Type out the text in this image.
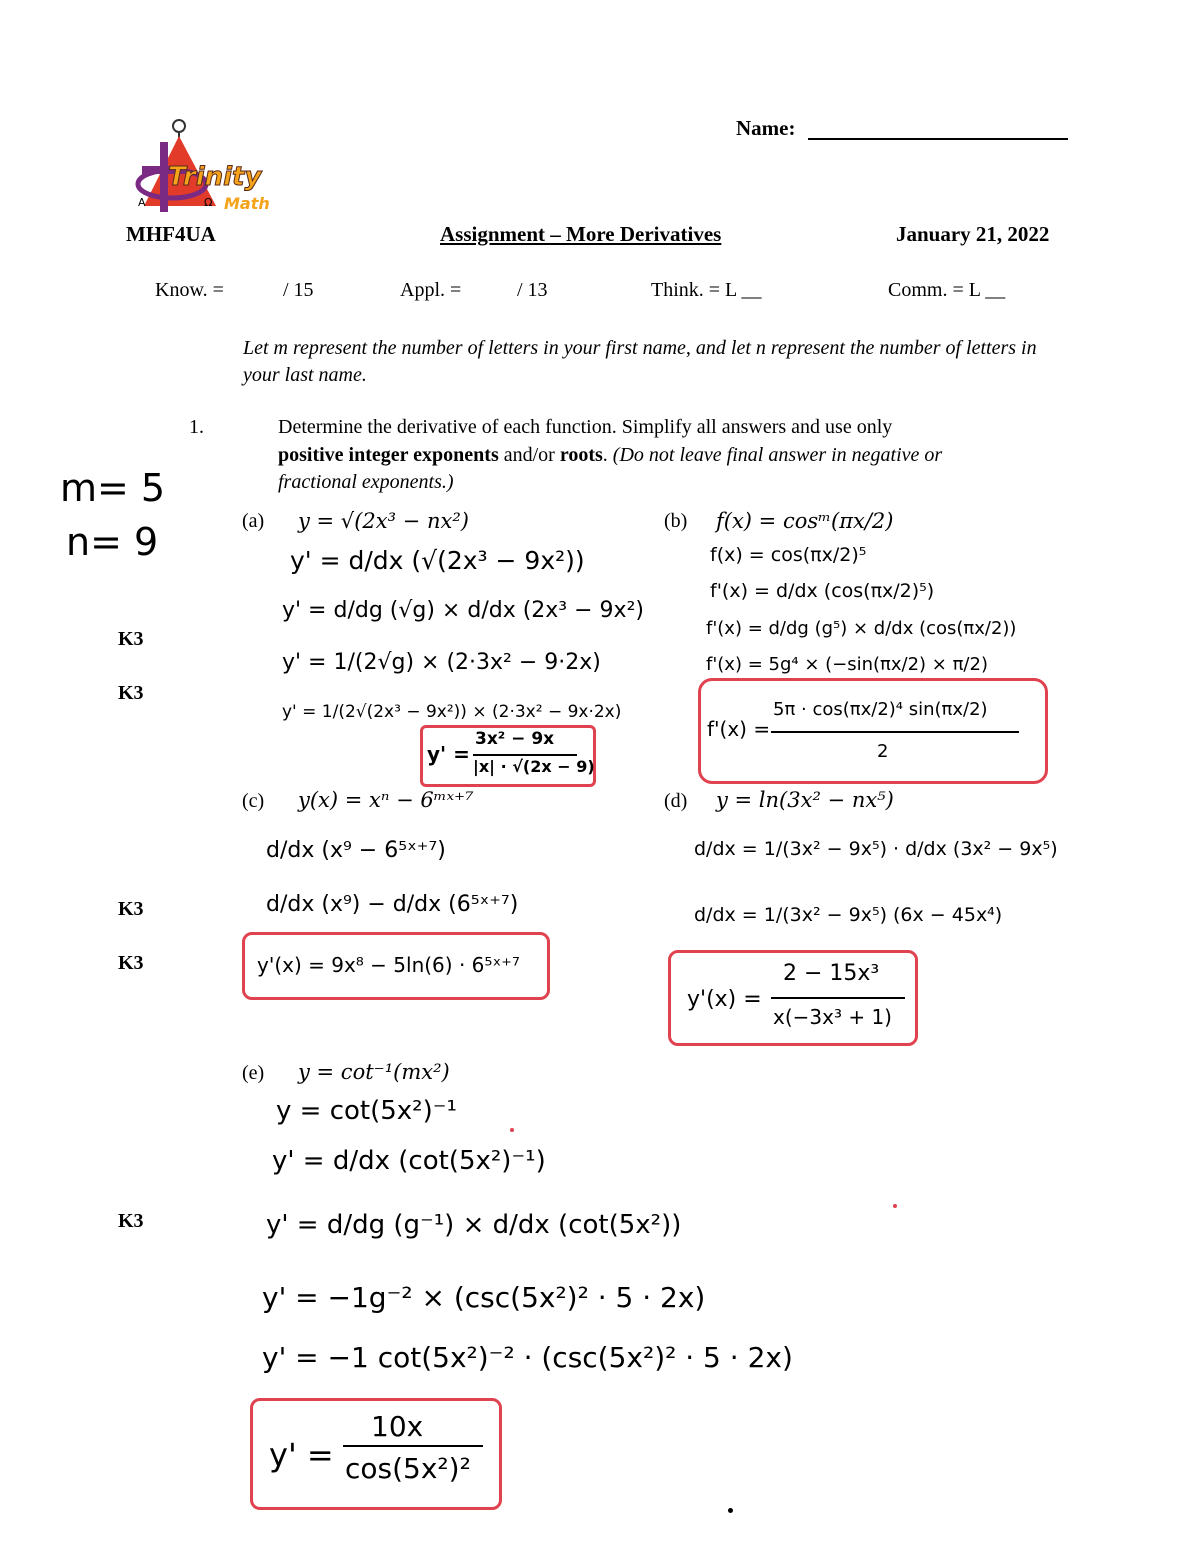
A	Ω
Trinity
Math
Name:
MHF4UA	Assignment – More Derivatives	January 21, 2022
Know. =	/ 15	Appl. =	/ 13	Think. = L __	Comm. = L __
Let m represent the number of letters in your first name, and let n represent the number of letters in your last name.
m= 5
n= 9
1.	Determine the derivative of each function. Simplify all answers and use only
positive integer exponents and/or roots. (Do not leave final answer in negative or
fractional exponents.)
K3
K3
K3
K3
K3
(a) y = √(2x³ − nx²)
y' = d/dx (√(2x³ − 9x²))
y' = d/dg (√g) × d/dx (2x³ − 9x²)
y' = 1/(2√g) × (2·3x² − 9·2x)
y' = 1/(2√(2x³ − 9x²)) × (2·3x² − 9x·2x)
y' =
3x² − 9x
|x| · √(2x − 9)
(b) f(x) = cosᵐ(πx/2)
f(x) = cos(πx/2)⁵
f'(x) = d/dx (cos(πx/2)⁵)
f'(x) = d/dg (g⁵) × d/dx (cos(πx/2))
f'(x) = 5g⁴ × (−sin(πx/2) × π/2)
f'(x) =
5π · cos(πx/2)⁴ sin(πx/2)
2
(c) y(x) = xⁿ − 6ᵐˣ⁺⁷
d/dx (x⁹ − 6⁵ˣ⁺⁷)
d/dx (x⁹) − d/dx (6⁵ˣ⁺⁷)
y'(x) = 9x⁸ − 5ln(6) · 6⁵ˣ⁺⁷
(d) y = ln(3x² − nx⁵)
d/dx = 1/(3x² − 9x⁵) · d/dx (3x² − 9x⁵)
d/dx = 1/(3x² − 9x⁵) (6x − 45x⁴)
y'(x) =
2 − 15x³
x(−3x³ + 1)
(e) y = cot⁻¹(mx²)
y = cot(5x²)⁻¹
y' = d/dx (cot(5x²)⁻¹)
y' = d/dg (g⁻¹) × d/dx (cot(5x²))
y' = −1g⁻² × (csc(5x²)² · 5 · 2x)
y' = −1 cot(5x²)⁻² · (csc(5x²)² · 5 · 2x)
y' =
10x
cos(5x²)²
